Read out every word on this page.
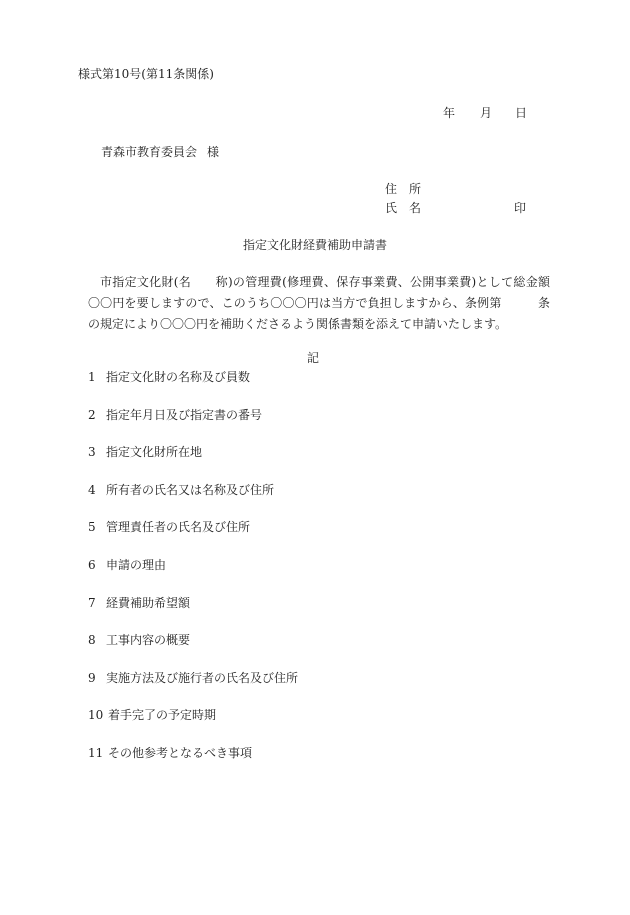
様式第10号(第11条関係)
年 月 日
青森市教育委員会 様
住 所
氏 名	印
指定文化財経費補助申請書
市指定文化財(名　　称)の管理費(修理費、保存事業費、公開事業費)として総金額〇〇円を要しますので、このうち〇〇〇円は当方で負担しますから、条例第　　　条の規定により〇〇〇円を補助くださるよう関係書類を添えて申請いたします。
記
1 指定文化財の名称及び員数
2 指定年月日及び指定書の番号
3 指定文化財所在地
4 所有者の氏名又は名称及び住所
5 管理責任者の氏名及び住所
6 申請の理由
7 経費補助希望額
8 工事内容の概要
9 実施方法及び施行者の氏名及び住所
10 着手完了の予定時期
11 その他参考となるべき事項
